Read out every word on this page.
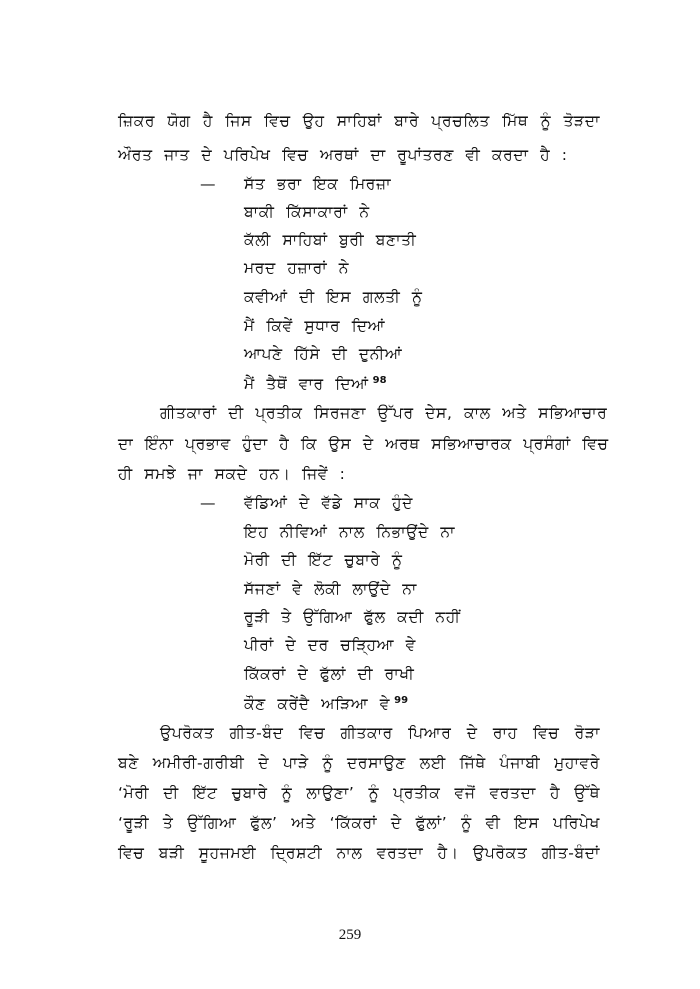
ਜ਼ਿਕਰ ਯੋਗ ਹੈ ਜਿਸ ਵਿਚ ਉਹ ਸਾਹਿਬਾਂ ਬਾਰੇ ਪ੍ਰਚਲਿਤ ਮਿੱਥ ਨੂੰ ਤੋੜਦਾ
ਔਰਤ ਜਾਤ ਦੇ ਪਰਿਪੇਖ ਵਿਚ ਅਰਥਾਂ ਦਾ ਰੂਪਾਂਤਰਣ ਵੀ ਕਰਦਾ ਹੈ :
— ਸੱਤ ਭਰਾ ਇਕ ਮਿਰਜ਼ਾ
ਬਾਕੀ ਕਿੱਸਾਕਾਰਾਂ ਨੇ
ਕੱਲੀ ਸਾਹਿਬਾਂ ਬੁਰੀ ਬਣਾਤੀ
ਮਰਦ ਹਜ਼ਾਰਾਂ ਨੇ
ਕਵੀਆਂ ਦੀ ਇਸ ਗਲਤੀ ਨੂੰ
ਮੈਂ ਕਿਵੇਂ ਸੁਧਾਰ ਦਿਆਂ
ਆਪਣੇ ਹਿੱਸੇ ਦੀ ਦੁਨੀਆਂ
ਮੈਂ ਤੈਥੋਂ ਵਾਰ ਦਿਆਂ $^{98}$
ਗੀਤਕਾਰਾਂ ਦੀ ਪ੍ਰਤੀਕ ਸਿਰਜਣਾ ਉੱਪਰ ਦੇਸ, ਕਾਲ ਅਤੇ ਸਭਿਆਚਾਰ
ਦਾ ਇੰਨਾ ਪ੍ਰਭਾਵ ਹੁੰਦਾ ਹੈ ਕਿ ਉਸ ਦੇ ਅਰਥ ਸਭਿਆਚਾਰਕ ਪ੍ਰਸੰਗਾਂ ਵਿਚ
ਹੀ ਸਮਝੇ ਜਾ ਸਕਦੇ ਹਨ। ਜਿਵੇਂ :
— ਵੱਡਿਆਂ ਦੇ ਵੱਡੇ ਸਾਕ ਹੁੰਦੇ
ਇਹ ਨੀਵਿਆਂ ਨਾਲ ਨਿਭਾਉਂਦੇ ਨਾ
ਮੋਰੀ ਦੀ ਇੱਟ ਚੁਬਾਰੇ ਨੂੰ
ਸੱਜਣਾਂ ਵੇ ਲੋਕੀ ਲਾਉਂਦੇ ਨਾ
ਰੂੜੀ ਤੇ ਉੱਗਿਆ ਫੁੱਲ ਕਦੀ ਨਹੀਂ
ਪੀਰਾਂ ਦੇ ਦਰ ਚੜ੍ਹਿਆ ਵੇ
ਕਿੱਕਰਾਂ ਦੇ ਫੁੱਲਾਂ ਦੀ ਰਾਖੀ
ਕੌਣ ਕਰੇਂਦੈ ਅੜਿਆ ਵੇ $^{99}$
ਉਪਰੋਕਤ ਗੀਤ-ਬੰਦ ਵਿਚ ਗੀਤਕਾਰ ਪਿਆਰ ਦੇ ਰਾਹ ਵਿਚ ਰੋੜਾ
ਬਣੇ ਅਮੀਰੀ-ਗਰੀਬੀ ਦੇ ਪਾੜੇ ਨੂੰ ਦਰਸਾਉਣ ਲਈ ਜਿੱਥੇ ਪੰਜਾਬੀ ਮੁਹਾਵਰੇ
‘ਮੋਰੀ ਦੀ ਇੱਟ ਚੁਬਾਰੇ ਨੂੰ ਲਾਉਣਾ’ ਨੂੰ ਪ੍ਰਤੀਕ ਵਜੋਂ ਵਰਤਦਾ ਹੈ ਉੱਥੇ
‘ਰੂੜੀ ਤੇ ਉੱਗਿਆ ਫੁੱਲ’ ਅਤੇ ‘ਕਿੱਕਰਾਂ ਦੇ ਫੁੱਲਾਂ’ ਨੂੰ ਵੀ ਇਸ ਪਰਿਪੇਖ
ਵਿਚ ਬੜੀ ਸੂਹਜਮਈ ਦ੍ਰਿਸ਼ਟੀ ਨਾਲ ਵਰਤਦਾ ਹੈ। ਉਪਰੋਕਤ ਗੀਤ-ਬੰਦਾਂ
259
